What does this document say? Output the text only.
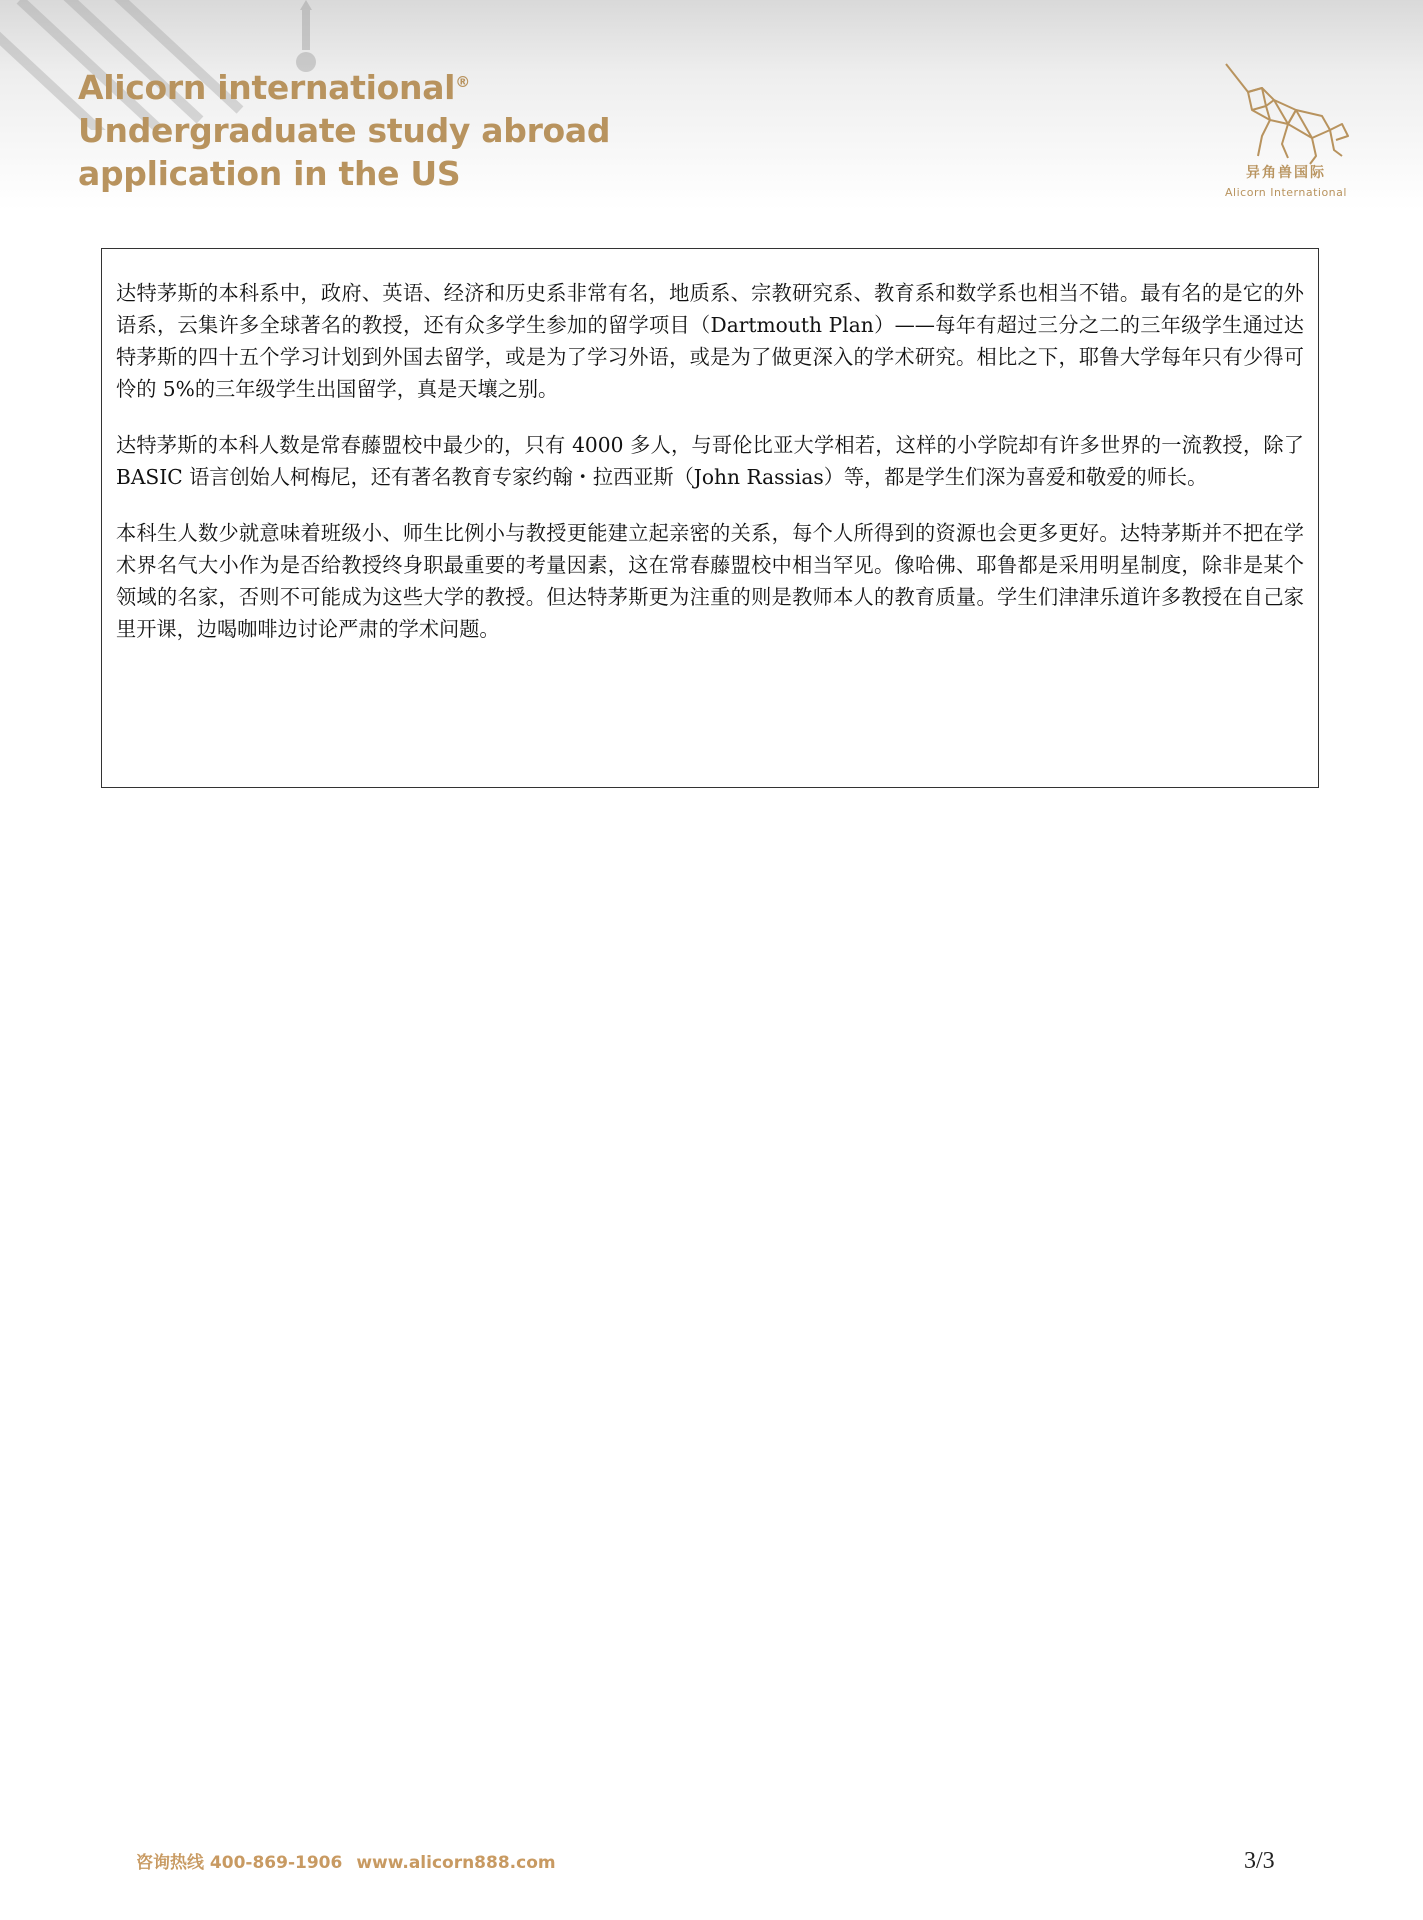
Alicorn international®
Undergraduate study abroad
application in the US	异角兽国际
Alicorn International

达特茅斯的本科系中，政府、英语、经济和历史系非常有名，地质系、宗教研究系、教育系和数学系也相当不错。最有名的是它的外语系，云集许多全球著名的教授，还有众多学生参加的留学项目（Dartmouth Plan）——每年有超过三分之二的三年级学生通过达特茅斯的四十五个学习计划到外国去留学，或是为了学习外语，或是为了做更深入的学术研究。相比之下，耶鲁大学每年只有少得可怜的 5%的三年级学生出国留学，真是天壤之别。

达特茅斯的本科人数是常春藤盟校中最少的，只有 4000 多人，与哥伦比亚大学相若，这样的小学院却有许多世界的一流教授，除了 BASIC 语言创始人柯梅尼，还有著名教育专家约翰・拉西亚斯（John Rassias）等，都是学生们深为喜爱和敬爱的师长。

本科生人数少就意味着班级小、师生比例小与教授更能建立起亲密的关系，每个人所得到的资源也会更多更好。达特茅斯并不把在学术界名气大小作为是否给教授终身职最重要的考量因素，这在常春藤盟校中相当罕见。像哈佛、耶鲁都是采用明星制度，除非是某个领域的名家，否则不可能成为这些大学的教授。但达特茅斯更为注重的则是教师本人的教育质量。学生们津津乐道许多教授在自己家里开课，边喝咖啡边讨论严肃的学术问题。

咨询热线 400-869-1906 www.alicorn888.com	3/3
